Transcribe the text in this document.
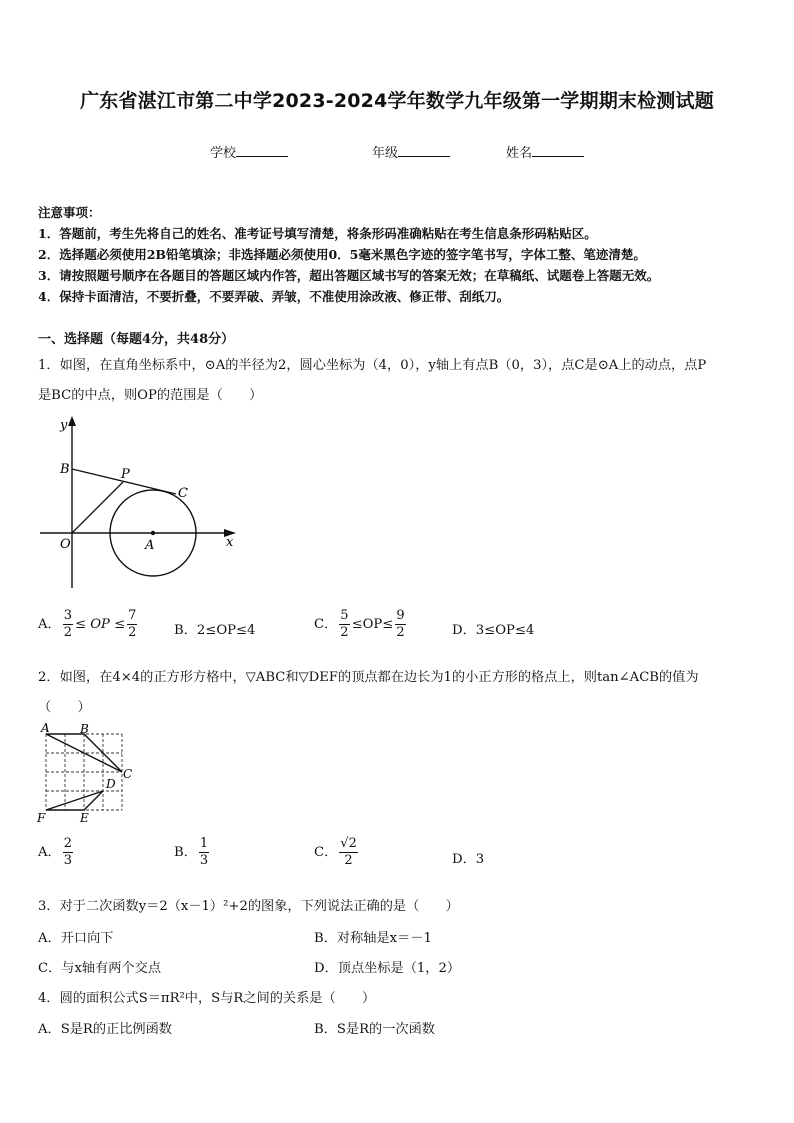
广东省湛江市第二中学2023-2024学年数学九年级第一学期期末检测试题
学校	年级	姓名
注意事项：
1．答题前，考生先将自己的姓名、准考证号填写清楚，将条形码准确粘贴在考生信息条形码粘贴区。
2．选择题必须使用2B铅笔填涂；非选择题必须使用0．5毫米黑色字迹的签字笔书写，字体工整、笔迹清楚。
3．请按照题号顺序在各题目的答题区域内作答，超出答题区域书写的答案无效；在草稿纸、试题卷上答题无效。
4．保持卡面清洁，不要折叠，不要弄破、弄皱，不准使用涂改液、修正带、刮纸刀。
一、选择题（每题4分，共48分）
1．如图，在直角坐标系中，⊙A的半径为2，圆心坐标为（4，0），y轴上有点B（0，3），点C是⊙A上的动点，点P
是BC的中点，则OP的范围是（　　）
y
x
B	P
C
O	A
A． $\frac{3}{2}$ ≤ OP ≤ $\frac{7}{2}$	B．2≤OP≤4	C． $\frac{5}{2} \le OP\le \frac{9}{2}$	D．3≤OP≤4
2．如图，在4×4的正方形方格中，▽ABC和▽DEF的顶点都在边长为1的小正方形的格点上，则tan∠ACB的值为
（　　）
A	B
C
D
E
F
A． $\frac{2}{3}$	B． $\frac{1}{3}$	C． $\frac{√2}{2}$	D．3
3．对于二次函数y＝2（x－1）²+2的图象，下列说法正确的是（　　）
A．开口向下	B．对称轴是x＝－1
C．与x轴有两个交点	D．顶点坐标是（1，2）
4．圆的面积公式S＝πR²中，S与R之间的关系是（　　）
A．S是R的正比例函数	B．S是R的一次函数
